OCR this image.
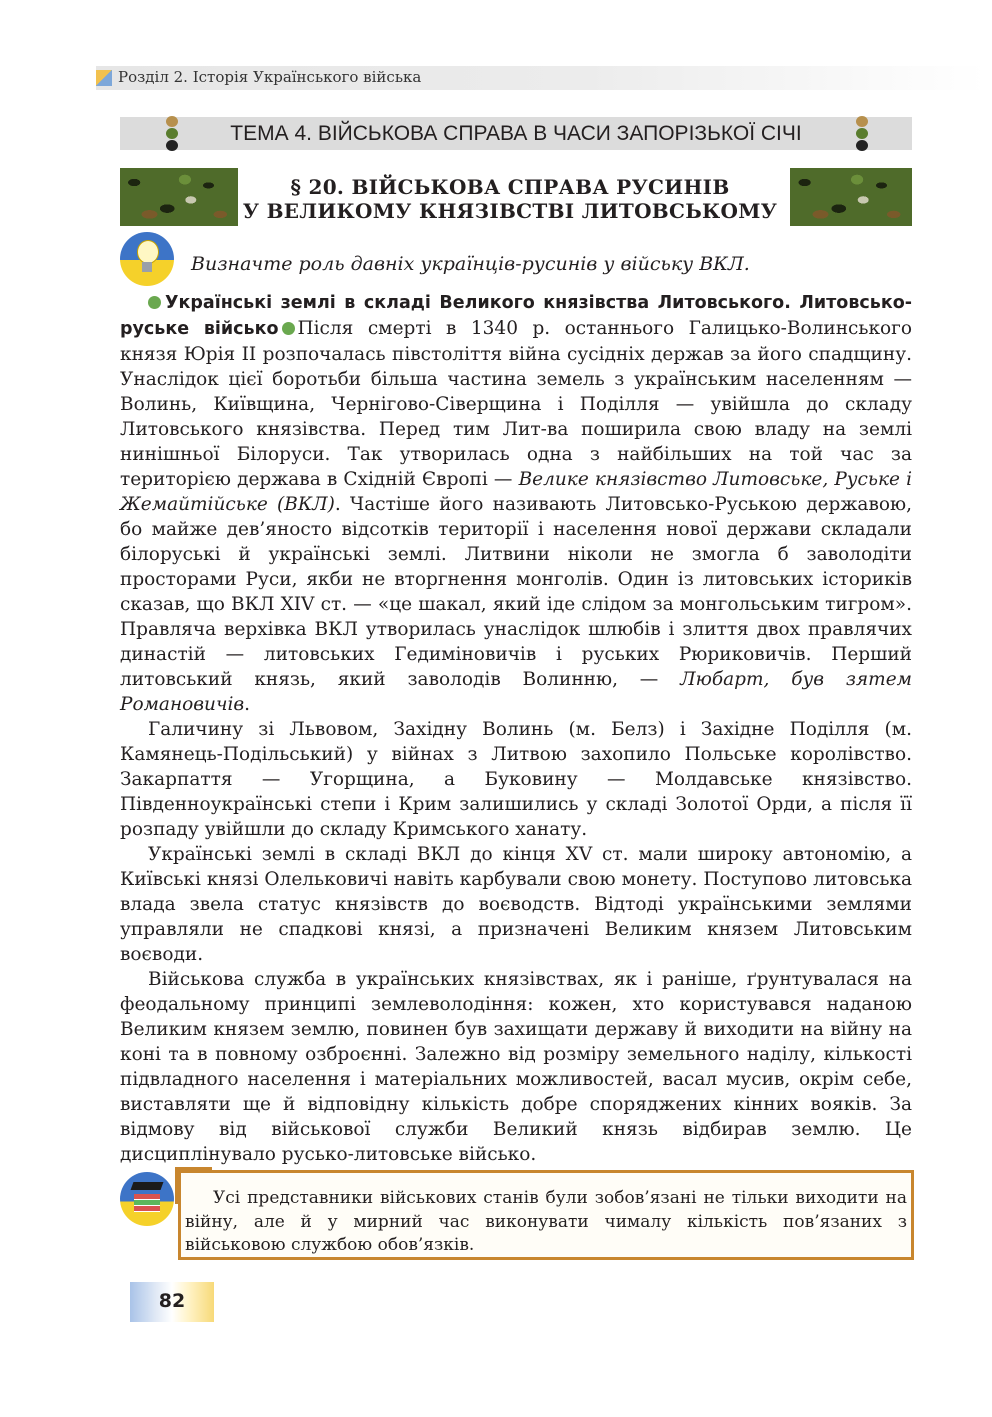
Розділ 2. Історія Українського війська
ТЕМА 4. ВІЙСЬКОВА СПРАВА В ЧАСИ ЗАПОРІЗЬКОЇ СІЧІ
§ 20. ВІЙСЬКОВА СПРАВА РУСИНІВ
У ВЕЛИКОМУ КНЯЗІВСТВІ ЛИТОВСЬКОМУ
Визначте роль давніх українців-русинів у війську ВКЛ.

Українські землі в складі Великого князівства Литовського. Литовсько-руське військо Після смерті в 1340 р. останнього Галицько-Волинського князя Юрія ІІ розпочалась півстоліття війна сусідніх держав за його спадщину. Унаслідок цієї боротьби більша частина земель з українським населенням — Волинь, Київщина, Чернігово-Сіверщина і Поділля — увійшла до складу Литовського князівства. Перед тим Лит-ва поширила свою владу на землі нинішньої Білоруси. Так утворилась одна з найбільших на той час за територією держава в Східній Європі — Велике князівство Литовське, Руське і Жемайтійське (ВКЛ). Частіше його називають Литовсько-Руською державою, бо майже дев’яносто відсотків території і населення нової держави складали білоруські й українські землі. Литвини ніколи не змогла б заволодіти просторами Руси, якби не вторгнення монголів. Один із литовських істориків сказав, що ВКЛ XIV ст. — «це шакал, який іде слідом за монгольським тигром». Правляча верхівка ВКЛ утворилась унаслідок шлюбів і злиття двох правлячих династій — литовських Гедиміновичів і руських Рюриковичів. Перший литовський князь, який заволодів Волинню, — Любарт, був зятем Романовичів.

Галичину зі Львовом, Західну Волинь (м. Белз) і Західне Поділля (м. Камянець-Подільський) у війнах з Литвою захопило Польське королівство. Закарпаття — Угорщина, а Буковину — Молдавське князівство. Південноукраїнські степи і Крим залишились у складі Золотої Орди, а після її розпаду увійшли до складу Кримського ханату.

Українські землі в складі ВКЛ до кінця XV ст. мали широку автономію, а Київські князі Олельковичі навіть карбували свою монету. Поступово литовська влада звела статус князівств до воєводств. Відтоді українськими землями управляли не спадкові князі, а призначені Великим князем Литовським воєводи.

Військова служба в українських князівствах, як і раніше, ґрунтувалася на феодальному принципі землеволодіння: кожен, хто користувався наданою Великим князем землю, повинен був захищати державу й виходити на війну на коні та в повному озброєнні. Залежно від розміру земельного наділу, кількості підвладного населення і матеріальних можливостей, васал мусив, окрім себе, виставляти ще й відповідну кількість добре споряджених кінних вояків. За відмову від військової служби Великий князь відбирав землю. Це дисциплінувало русько-литовське військо.

Усі представники військових станів були зобов’язані не тільки виходити на війну, але й у мирний час виконувати чималу кількість пов’язаних з військовою службою обов’язків.
82
